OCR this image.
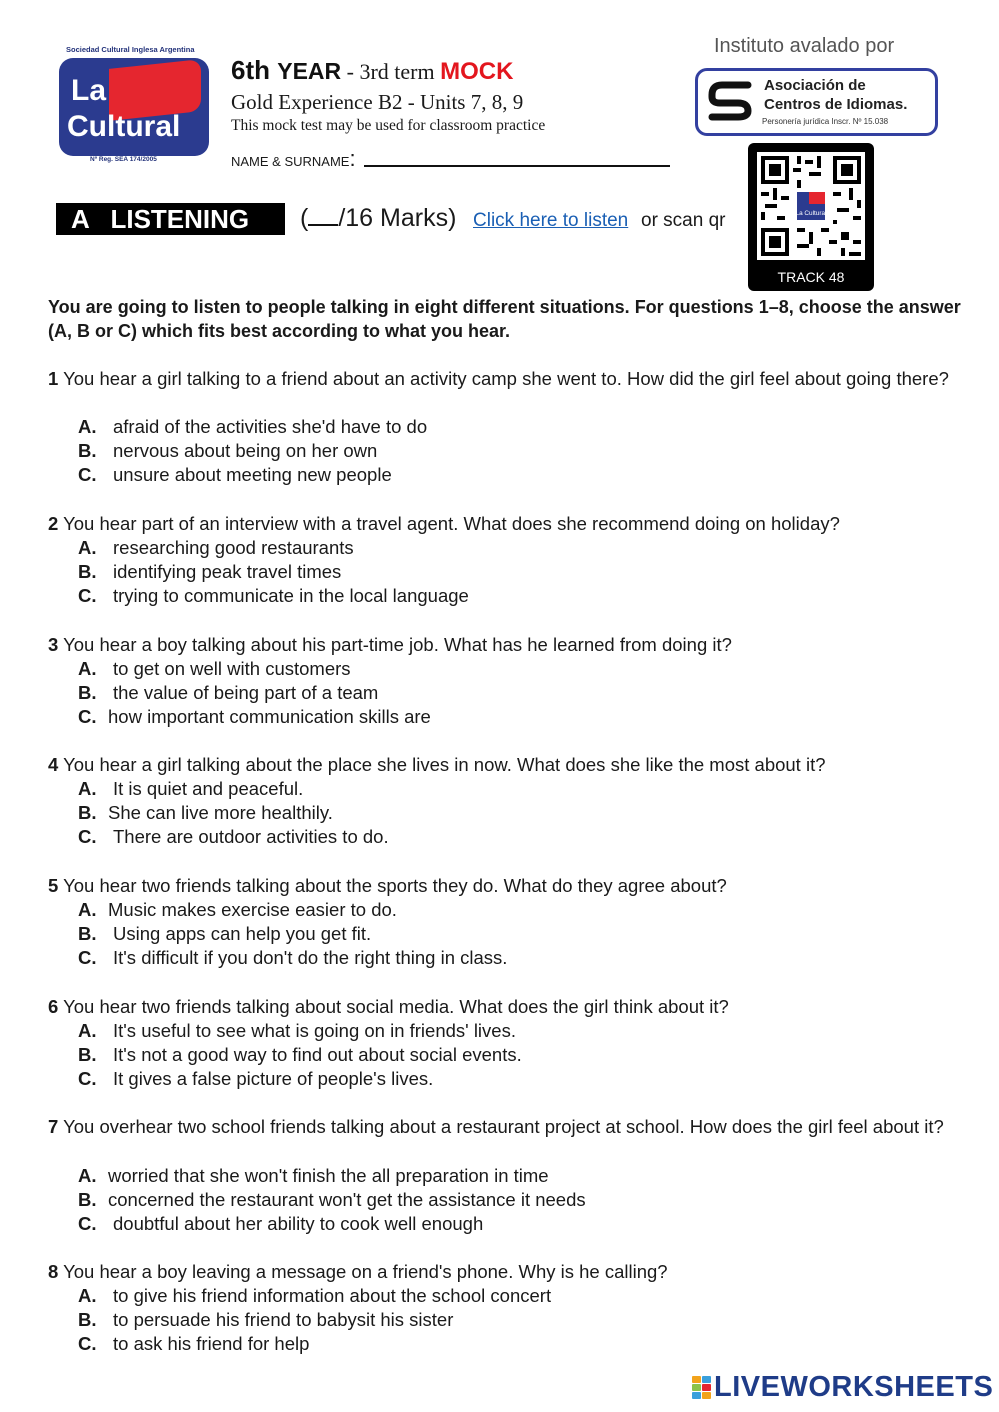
Sociedad Cultural Inglesa Argentina
La
Cultural
Nº Reg. SEA 174/2005
6th YEAR - 3rd term MOCK
Gold Experience B2 - Units 7, 8, 9
This mock test may be used for classroom practice
NAME & SURNAME:
Instituto avalado por
Asociación de
Centros de Idiomas.
Personería jurídica Inscr. Nº 15.038
La Cultural
TRACK 48
A   LISTENING	( /16 Marks) Click here to listen or scan qr
You are going to listen to people talking in eight different situations. For questions 1–8, choose the answer (A, B or C) which fits best according to what you hear.
1 You hear a girl talking to a friend about an activity camp she went to. How did the girl feel about going there?
A. afraid of the activities she'd have to do
B. nervous about being on her own
C. unsure about meeting new people
2 You hear part of an interview with a travel agent. What does she recommend doing on holiday?
A. researching good restaurants
B. identifying peak travel times
C. trying to communicate in the local language
3 You hear a boy talking about his part-time job. What has he learned from doing it?
A. to get on well with customers
B. the value of being part of a team
C. how important communication skills are
4 You hear a girl talking about the place she lives in now. What does she like the most about it?
A. It is quiet and peaceful.
B. She can live more healthily.
C. There are outdoor activities to do.
5 You hear two friends talking about the sports they do. What do they agree about?
A. Music makes exercise easier to do.
B. Using apps can help you get fit.
C. It's difficult if you don't do the right thing in class.
6 You hear two friends talking about social media. What does the girl think about it?
A. It's useful to see what is going on in friends' lives.
B. It's not a good way to find out about social events.
C. It gives a false picture of people's lives.
7 You overhear two school friends talking about a restaurant project at school. How does the girl feel about it?
A. worried that she won't finish the all preparation in time
B. concerned the restaurant won't get the assistance it needs
C. doubtful about her ability to cook well enough
8 You hear a boy leaving a message on a friend's phone. Why is he calling?
A. to give his friend information about the school concert
B. to persuade his friend to babysit his sister
C. to ask his friend for help
LIVEWORKSHEETS
